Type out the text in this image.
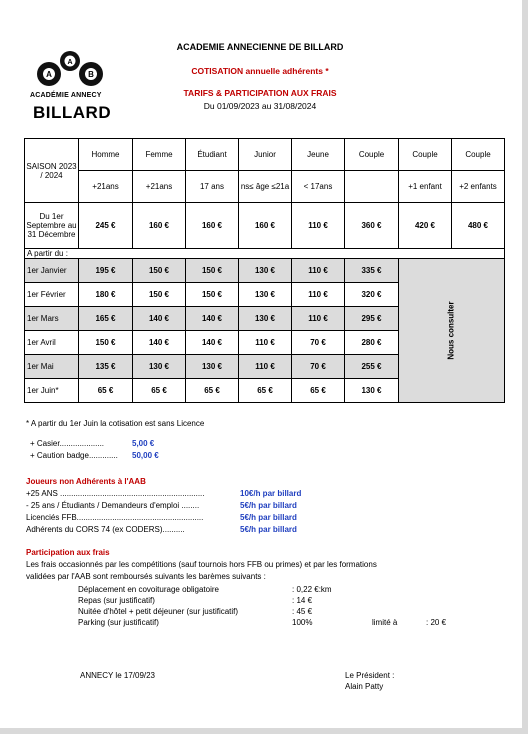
A
A	B
ACADÉMIE ANNECY
BILLARD
ACADEMIE ANNECIENNE DE BILLARD
COTISATION annuelle adhérents *
TARIFS & PARTICIPATION AUX FRAIS
Du 01/09/2023 au 31/08/2024
SAISON 2023 / 2024	Homme	Femme	Étudiant	Junior	Jeune	Couple	Couple	Couple
	+21ans	+21ans	17 ans	ns≤ âge ≤21a	< 17ans		+1 enfant	+2 enfants
Du 1er Septembre au 31 Décembre	245 €	160 €	160 €	160 €	110 €	360 €	420 €	480 €
A partir du :								
1er Janvier	195 €	150 €	150 €	130 €	110 €	335 €	Nous consulter	
1er Février	180 €	150 €	150 €	130 €	110 €	320 €		
1er Mars	165 €	140 €	140 €	130 €	110 €	295 €		
1er Avril	150 €	140 €	140 €	110 €	70 €	280 €		
1er Mai	135 €	130 €	130 €	110 €	70 €	255 €		
1er Juin*	65 €	65 €	65 €	65 €	65 €	130 €		
* A partir du 1er Juin la cotisation est sans Licence
+ Casier....................	5,00 €
+ Caution badge............. 50,00 €
Joueurs non Adhérents à l'AAB
+25 ANS .................................................................	10€/h par billard
- 25 ans / Étudiants / Demandeurs d'emploi ........	5€/h par billard
Licenciés FFB.........................................................	5€/h par billard
Adhérents du CORS 74 (ex CODERS)..........	5€/h par billard
Participation aux frais
Les frais occasionnés par les compétitions (sauf tournois hors FFB ou primes) et par les formations
validées par l'AAB sont remboursés suivants les barèmes suivants :
Déplacement en covoiturage obligatoire	: 0,22 €:km
Repas (sur justificatif)	: 14 €
Nuitée d'hôtel + petit déjeuner (sur justificatif)	: 45 €
Parking (sur justificatif)	100%	limité à	: 20 €
ANNECY le 17/09/23	Le Président :
Alain Patty
